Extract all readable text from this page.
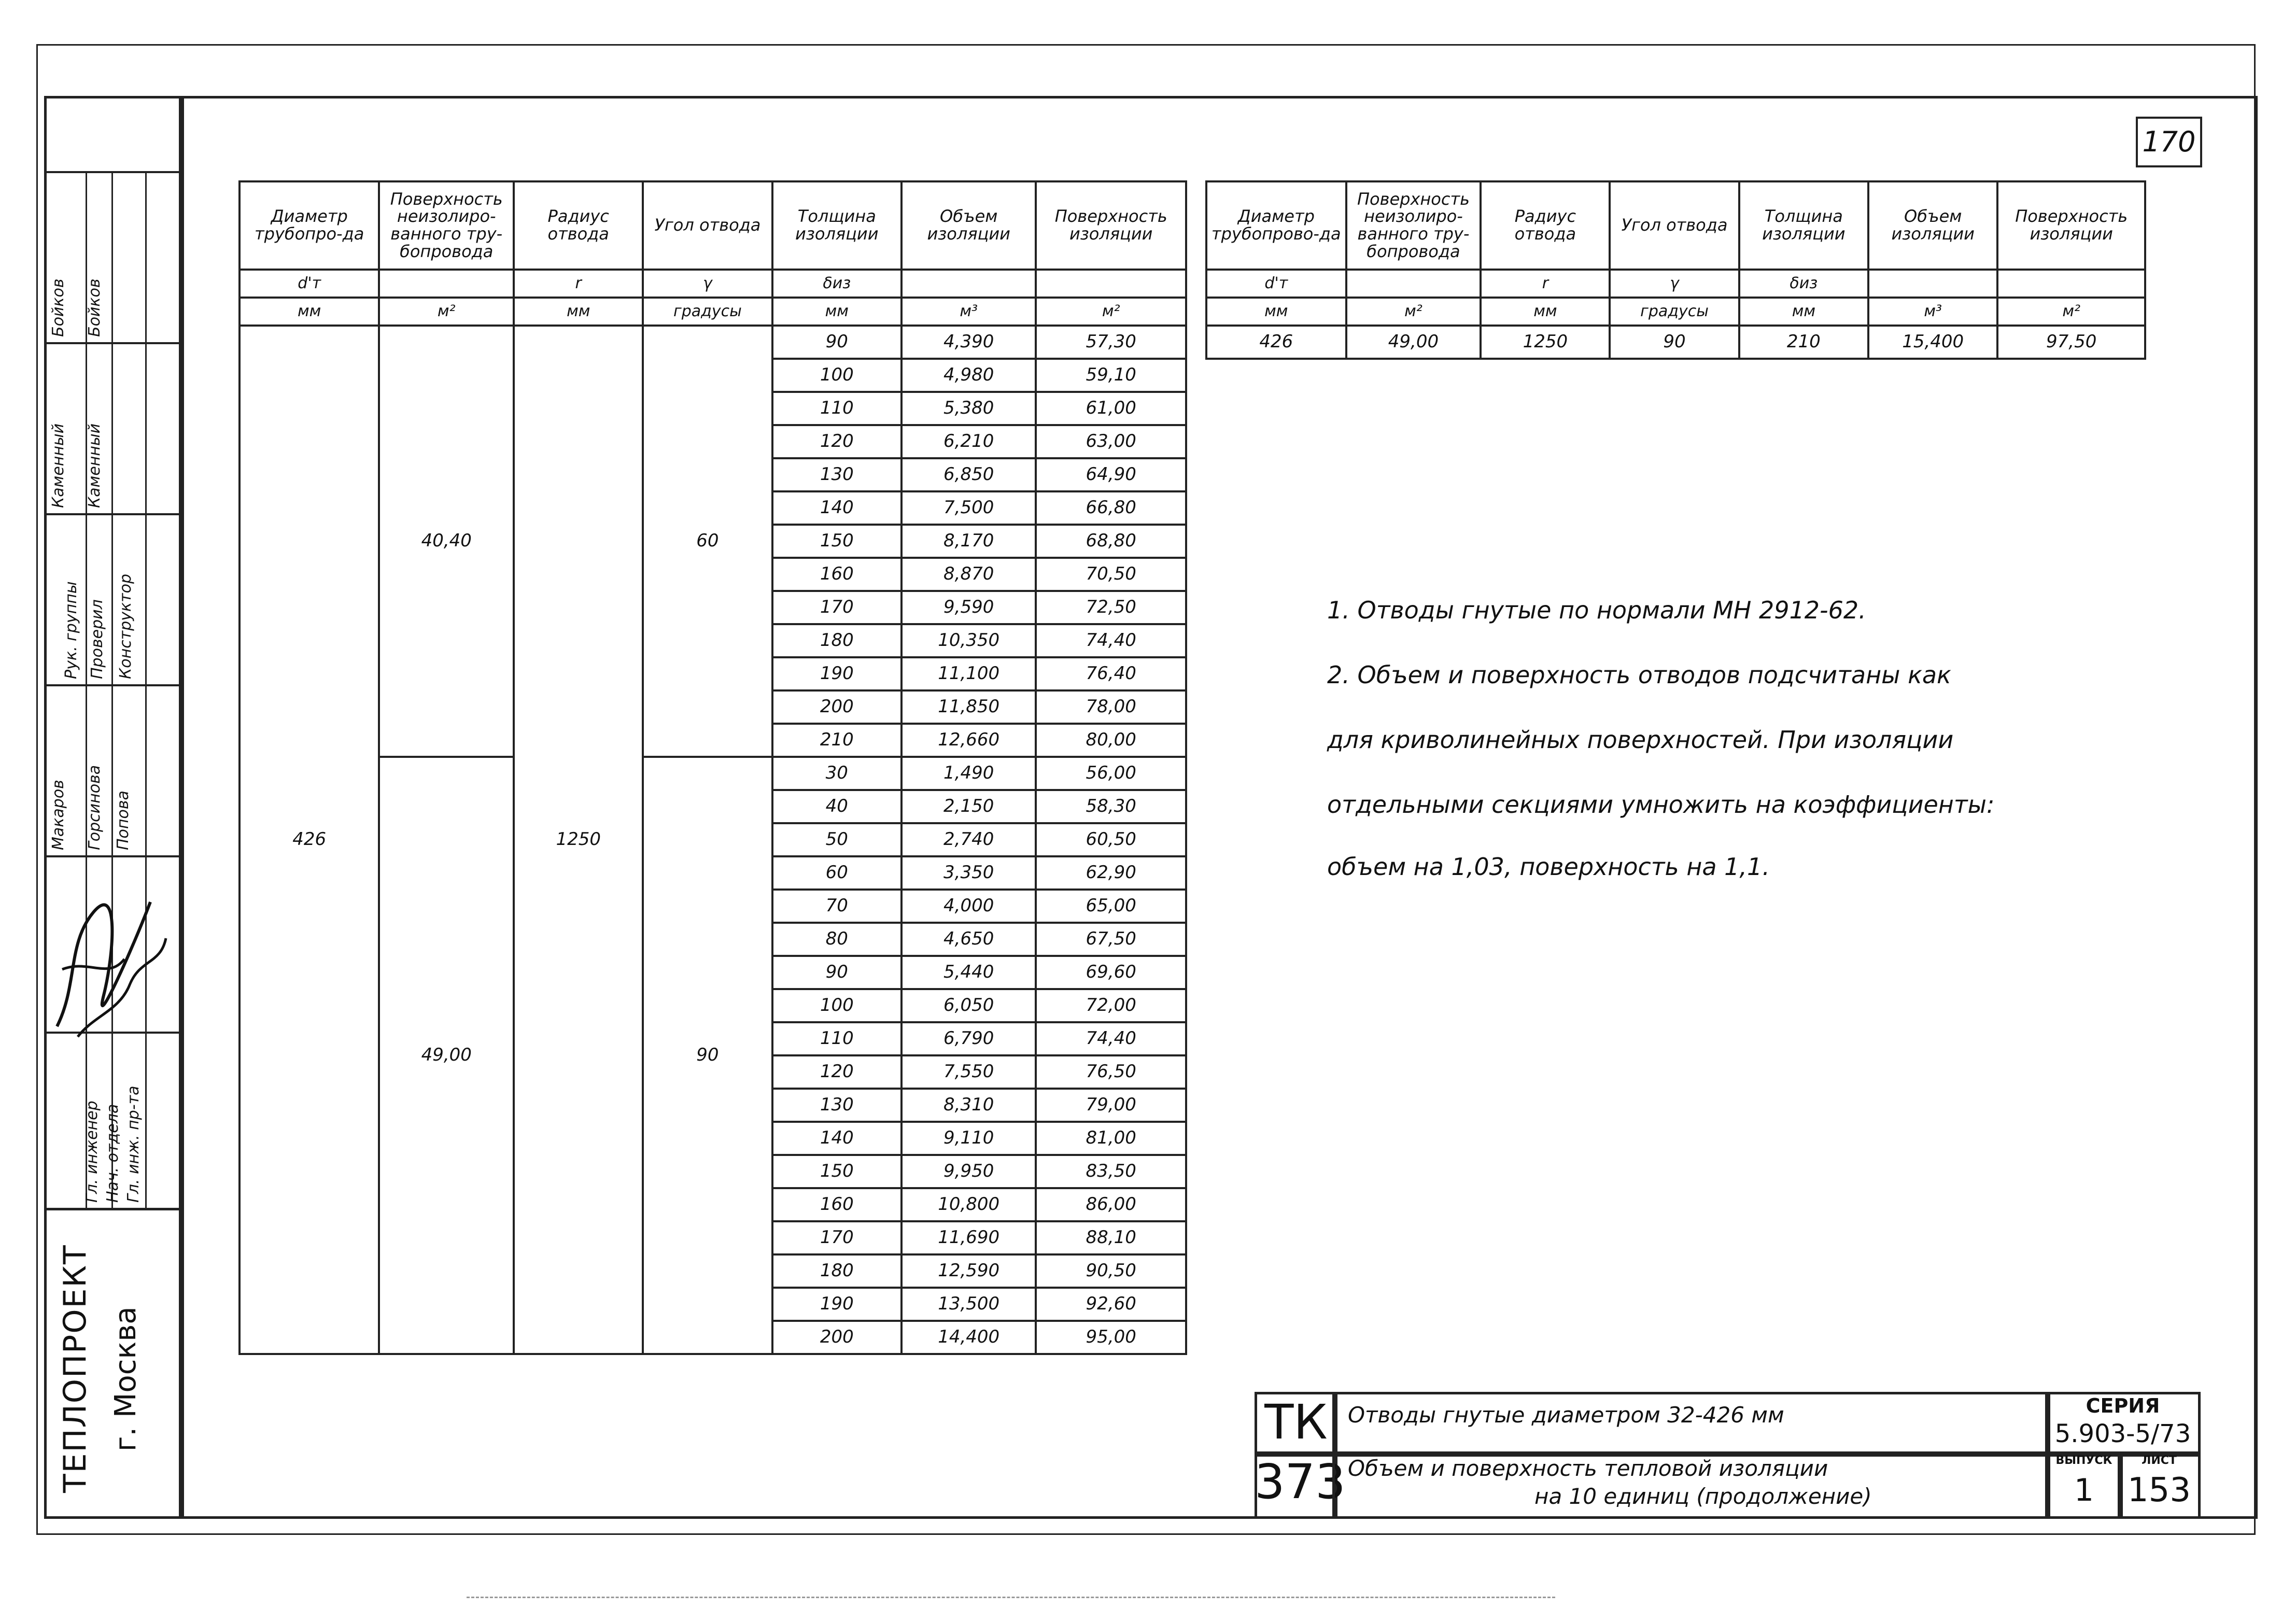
170
Гл. инженер Нач. отдела Гл. инж. пр-та
Рук. группы Проверил Конструктор
Бойков Бойков
Каменный Каменный
Макаров Горсинова Попова
ТЕПЛОПРОЕКТ г. Москва
Диаметр трубопро-да	Поверхность неизолиро-ванного тру-бопровода	Радиус отвода	Угол отвода	Толщина изоляции	Объем изоляции	Поверхность изоляции
d'т		r	γ	δиз		
мм	м²	мм	градусы	мм	м³	м²
426	40,40	1250	60	90	4,390	57,30
				100	4,980	59,10
				110	5,380	61,00
				120	6,210	63,00
				130	6,850	64,90
				140	7,500	66,80
				150	8,170	68,80
				160	8,870	70,50
				170	9,590	72,50
				180	10,350	74,40
				190	11,100	76,40
				200	11,850	78,00
				210	12,660	80,00
	49,00		90	30	1,490	56,00
				40	2,150	58,30
				50	2,740	60,50
				60	3,350	62,90
				70	4,000	65,00
				80	4,650	67,50
				90	5,440	69,60
				100	6,050	72,00
				110	6,790	74,40
				120	7,550	76,50
				130	8,310	79,00
				140	9,110	81,00
				150	9,950	83,50
				160	10,800	86,00
				170	11,690	88,10
				180	12,590	90,50
				190	13,500	92,60
				200	14,400	95,00
Диаметр трубопрово-да	Поверхность неизолиро-ванного тру-бопровода	Радиус отвода	Угол отвода	Толщина изоляции	Объем изоляции	Поверхность изоляции
d'т		r	γ	δиз		
мм	м²	мм	градусы	мм	м³	м²
426	49,00	1250	90	210	15,400	97,50
1. Отводы гнутые по нормали МН 2912-62.
2. Объем и поверхность отводов подсчитаны как
для криволинейных поверхностей. При изоляции
отдельными секциями умножить на коэффициенты:
объем на 1,03, поверхность на 1,1.
ТК
373
Отводы гнутые диаметром 32-426 мм
Объем и поверхность тепловой изоляции
на 10 единиц (продолжение)
СЕРИЯ
5.903-5/73
ВЫПУСК
1
ЛИСТ
153
